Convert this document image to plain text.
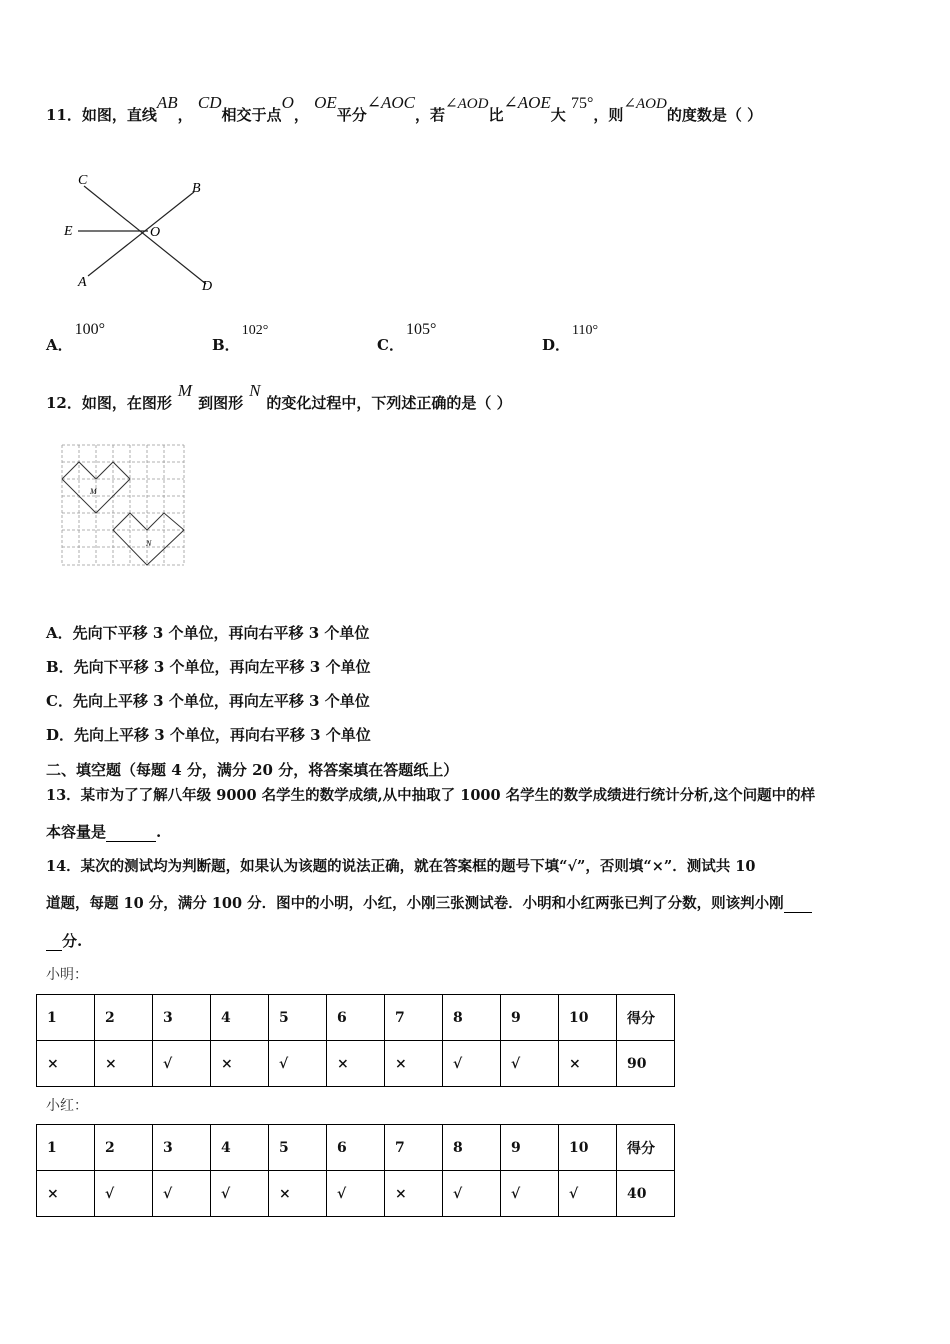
11．如图，直线AB， CD相交于点O， OE平分∠AOC，若∠AOD比∠AOE大 75°，则∠AOD的度数是（ ）
C
B
E	O
A	D
A．100°
B．102°
C．105°
D．110°
12．如图，在图形M到图形N的变化过程中，下列述正确的是（ ）
M
N
A．先向下平移 3 个单位，再向右平移 3 个单位
B．先向下平移 3 个单位，再向左平移 3 个单位
C．先向上平移 3 个单位，再向左平移 3 个单位
D．先向上平移 3 个单位，再向右平移 3 个单位
二、填空题（每题 4 分，满分 20 分，将答案填在答题纸上）
13．某市为了了解八年级 9000 名学生的数学成绩,从中抽取了 1000 名学生的数学成绩进行统计分析,这个问题中的样
本容量是	.
14．某次的测试均为判断题，如果认为该题的说法正确，就在答案框的题号下填“√”，否则填“×”．测试共 10
道题，每题 10 分，满分 100 分．图中的小明，小红，小刚三张测试卷．小明和小红两张已判了分数，则该判小刚
分.
小明：
1	2	3	4	5	6	7	8	9	10	得分
×	×	√	×	√	×	×	√	√	×	90
小红：
1	2	3	4	5	6	7	8	9	10	得分
×	√	√	√	×	√	×	√	√	√	40
